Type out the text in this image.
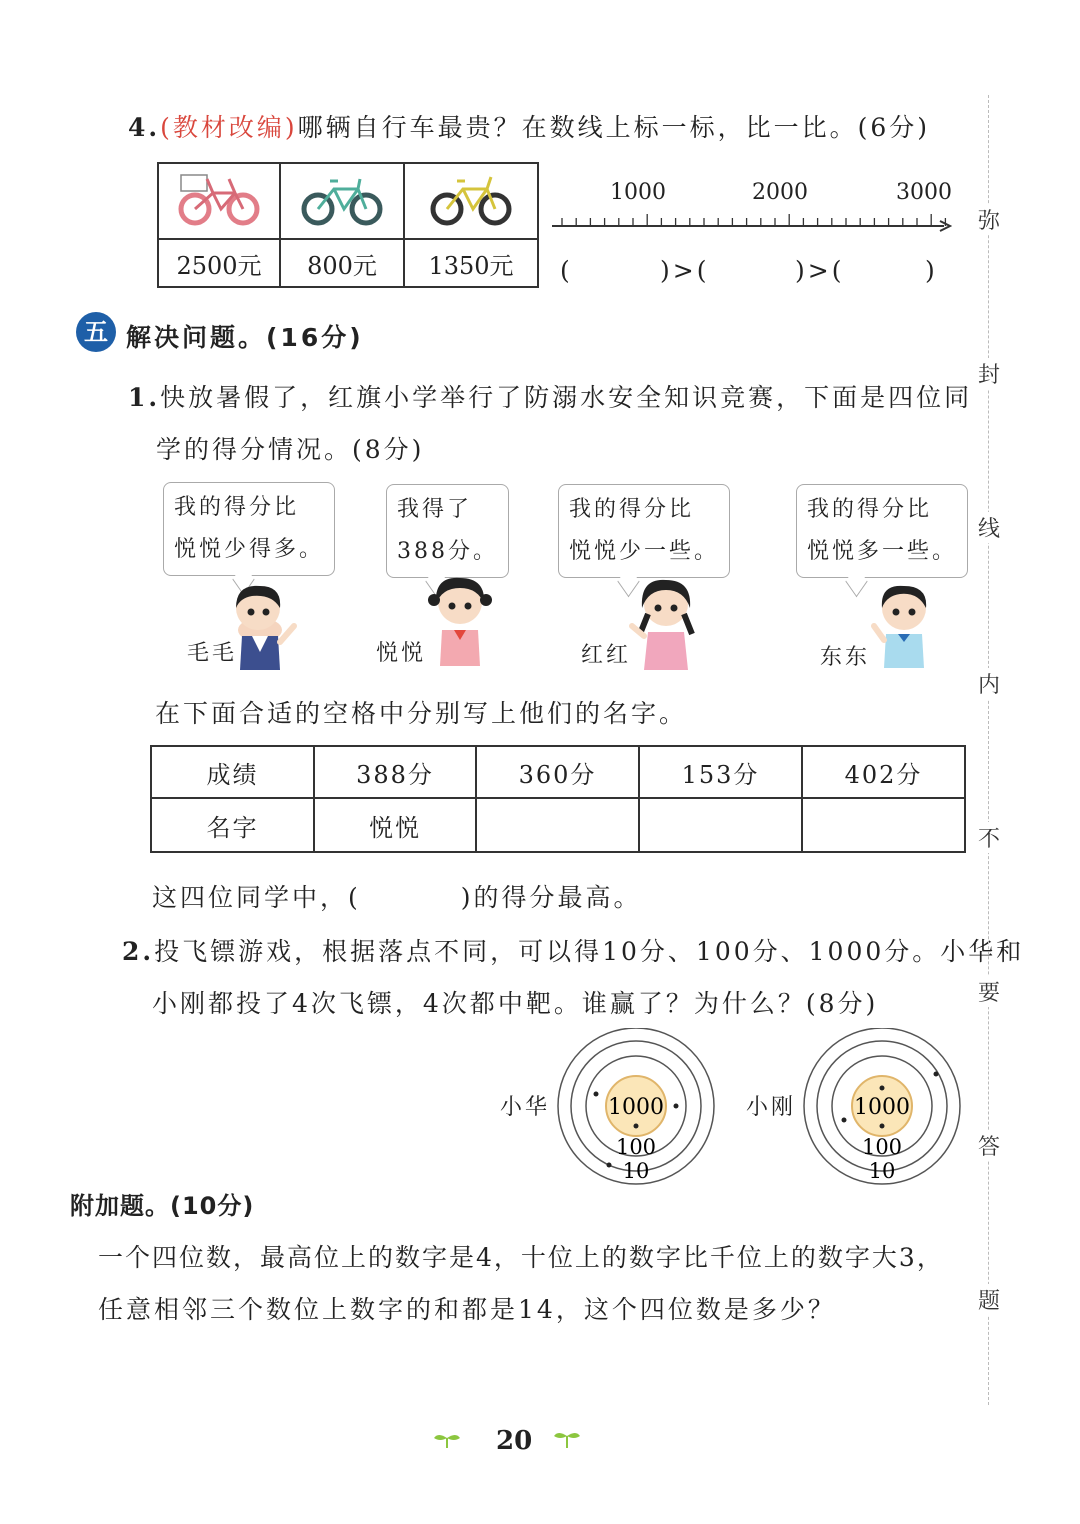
4.(教材改编)哪辆自行车最贵？在数线上标一标，比一比。(6分)

2500元	800元	1350元
1000	2000	3000
(	)>(	)>(	)
五 解决问题。(16分)
1.快放暑假了，红旗小学举行了防溺水安全知识竞赛，下面是四位同
学的得分情况。(8分)
我的得分比
悦悦少得多。
我得了
388分。
我的得分比
悦悦少一些。
我的得分比
悦悦多一些。
毛毛	悦悦	红红	东东
在下面合适的空格中分别写上他们的名字。
成绩	388分	360分	153分	402分
名字	悦悦			
这四位同学中，(	)的得分最高。
2.投飞镖游戏，根据落点不同，可以得10分、100分、1000分。小华和
小刚都投了4次飞镖，4次都中靶。谁赢了？为什么？(8分)
小华	1000
100
10
小刚	1000
100
10
附加题。(10分)
一个四位数，最高位上的数字是4，十位上的数字比千位上的数字大3，
任意相邻三个数位上数字的和都是14，这个四位数是多少？
弥
封
线
内
不
要
答
题
20
